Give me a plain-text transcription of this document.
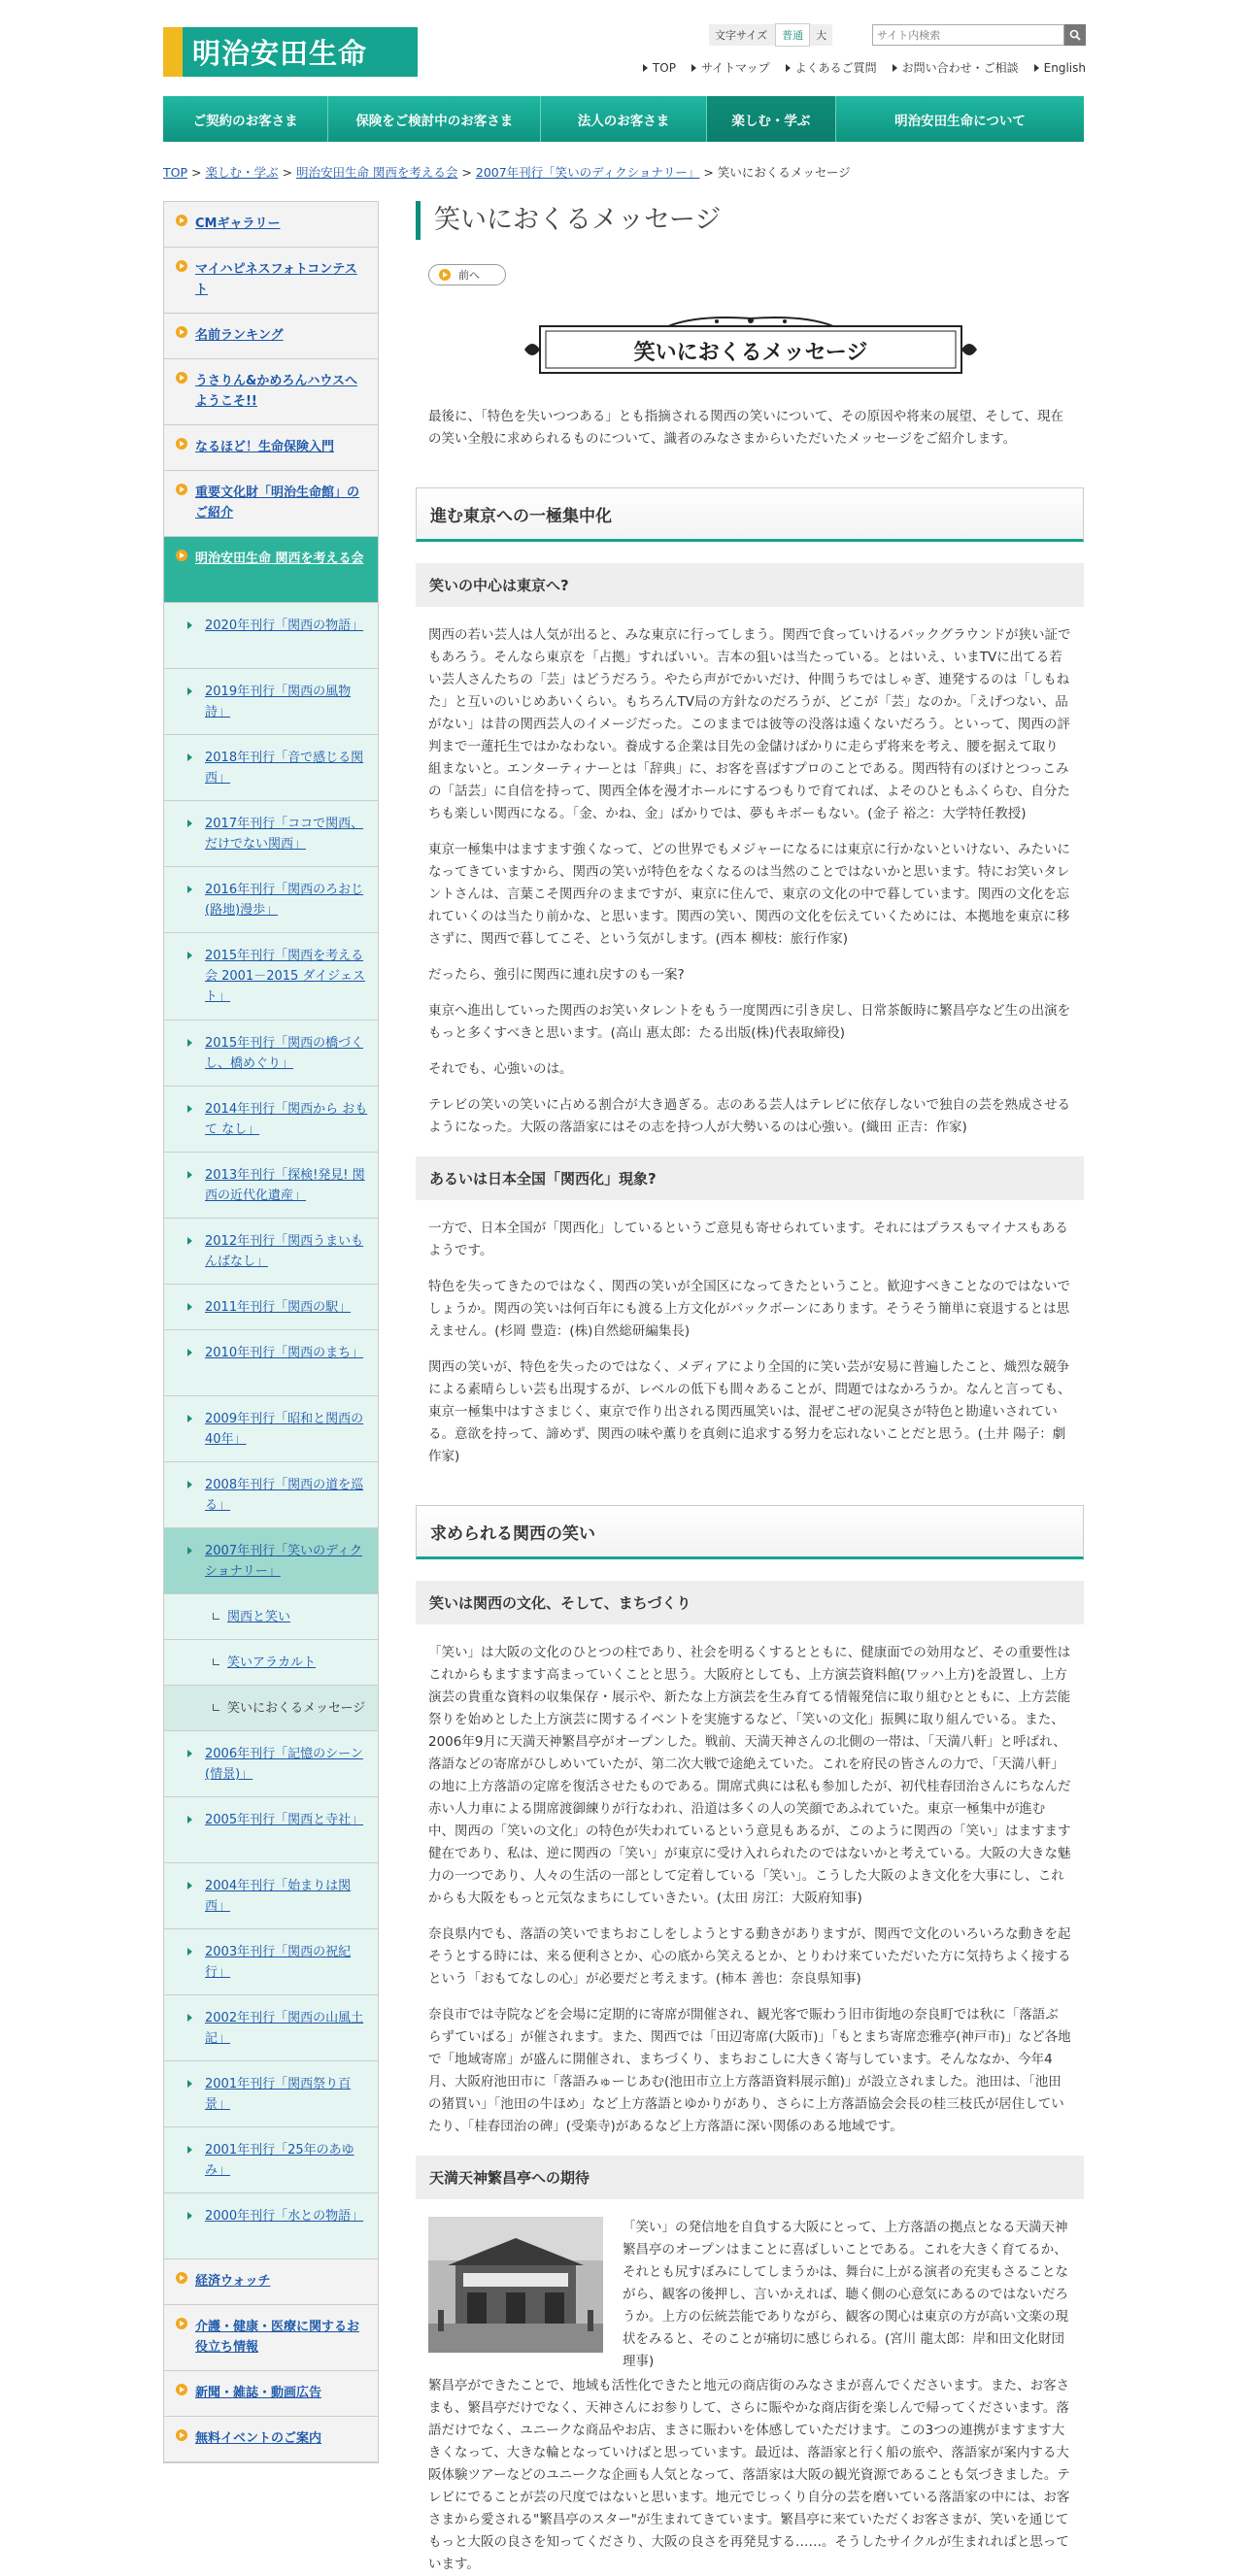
明治安田生命
文字サイズ	普通	大
サイト内検索
TOP サイトマップ よくあるご質問 お問い合わせ・ご相談 English
ご契約のお客さま	保険をご検討中のお客さま	法人のお客さま	楽しむ・学ぶ	明治安田生命について
TOP > 楽しむ・学ぶ > 明治安田生命 関西を考える会 > 2007年刊行「笑いのディクショナリー」 > 笑いにおくるメッセージ
CMギャラリー
マイハピネスフォトコンテスト
名前ランキング
うさりん&かめろんハウスへようこそ!!
なるほど！生命保険入門
重要文化財「明治生命館」のご紹介
明治安田生命 関西を考える会
2020年刊行「関西の物語」
2019年刊行「関西の風物詩」
2018年刊行「音で感じる関西」
2017年刊行「ココで関西、だけでない関西」
2016年刊行「関西のろおじ(路地)漫歩」
2015年刊行「関西を考える会 2001－2015 ダイジェスト」
2015年刊行「関西の橋づくし、橋めぐり」
2014年刊行「関西から おもて なし」
2013年刊行「探検!発見! 関西の近代化遺産」
2012年刊行「関西うまいもんばなし」
2011年刊行「関西の駅」
2010年刊行「関西のまち」
2009年刊行「昭和と関西の40年」
2008年刊行「関西の道を巡る」
2007年刊行「笑いのディクショナリー」
関西と笑い
笑いアラカルト
笑いにおくるメッセージ
2006年刊行「記憶のシーン(情景)」
2005年刊行「関西と寺社」
2004年刊行「始まりは関西」
2003年刊行「関西の祝紀行」
2002年刊行「関西の山風土記」
2001年刊行「関西祭り百景」
2001年刊行「25年のあゆみ」
2000年刊行「水との物語」
経済ウォッチ
介護・健康・医療に関するお役立ち情報
新聞・雑誌・動画広告
無料イベントのご案内
笑いにおくるメッセージ
前へ
笑いにおくるメッセージ
最後に、「特色を失いつつある」とも指摘される関西の笑いについて、その原因や将来の展望、そして、現在の笑い全般に求められるものについて、識者のみなさまからいただいたメッセージをご紹介します。
進む東京への一極集中化
笑いの中心は東京へ?
関西の若い芸人は人気が出ると、みな東京に行ってしまう。関西で食っていけるバックグラウンドが狭い証でもあろう。そんなら東京を「占拠」すればいい。吉本の狙いは当たっている。とはいえ、いまTVに出てる若い芸人さんたちの「芸」はどうだろう。やたら声がでかいだけ、仲間うちではしゃぎ、連発するのは「しもねた」と互いのいじめあいくらい。もちろんTV局の方針なのだろうが、どこが「芸」なのか。「えげつない、品がない」は昔の関西芸人のイメージだった。このままでは彼等の没落は遠くないだろう。といって、関西の評判まで一蓮托生ではかなわない。養成する企業は目先の金儲けばかりに走らず将来を考え、腰を据えて取り組まないと。エンターティナーとは「辞典」に、お客を喜ばすプロのことである。関西特有のぼけとつっこみの「話芸」に自信を持って、関西全体を漫才ホールにするつもりで育てれば、よそのひともふくらむ、自分たちも楽しい関西になる。「金、かね、金」ばかりでは、夢もキボーもない。(金子 裕之：大学特任教授)
東京一極集中はますます強くなって、どの世界でもメジャーになるには東京に行かないといけない、みたいになってきていますから、関西の笑いが特色をなくなるのは当然のことではないかと思います。特にお笑いタレントさんは、言葉こそ関西弁のままですが、東京に住んで、東京の文化の中で暮しています。関西の文化を忘れていくのは当たり前かな、と思います。関西の笑い、関西の文化を伝えていくためには、本拠地を東京に移さずに、関西で暮してこそ、という気がします。(西本 柳枝：旅行作家)
だったら、強引に関西に連れ戻すのも一案?
東京へ進出していった関西のお笑いタレントをもう一度関西に引き戻し、日常茶飯時に繁昌亭など生の出演をもっと多くすべきと思います。(高山 惠太郎：たる出版(株)代表取締役)
それでも、心強いのは。
テレビの笑いの笑いに占める割合が大き過ぎる。志のある芸人はテレビに依存しないで独自の芸を熟成させるようになった。大阪の落語家にはその志を持つ人が大勢いるのは心強い。(織田 正吉：作家)
あるいは日本全国「関西化」現象?
一方で、日本全国が「関西化」しているというご意見も寄せられています。それにはプラスもマイナスもあるようです。
特色を失ってきたのではなく、関西の笑いが全国区になってきたということ。歓迎すべきことなのではないでしょうか。関西の笑いは何百年にも渡る上方文化がバックボーンにあります。そうそう簡単に衰退するとは思えません。(杉岡 豊造：(株)自然総研編集長)
関西の笑いが、特色を失ったのではなく、メディアにより全国的に笑い芸が安易に普遍したこと、熾烈な競争による素晴らしい芸も出現するが、レベルの低下も間々あることが、問題ではなかろうか。なんと言っても、東京一極集中はすさまじく、東京で作り出される関西風笑いは、混ぜこぜの泥臭さが特色と勘違いされている。意欲を持って、諦めず、関西の味や薫りを真剣に追求する努力を忘れないことだと思う。(土井 陽子：劇作家)
求められる関西の笑い
笑いは関西の文化、そして、まちづくり
「笑い」は大阪の文化のひとつの柱であり、社会を明るくするとともに、健康面での効用など、その重要性はこれからもますます高まっていくことと思う。大阪府としても、上方演芸資料館(ワッハ上方)を設置し、上方演芸の貴重な資料の収集保存・展示や、新たな上方演芸を生み育てる情報発信に取り組むとともに、上方芸能祭りを始めとした上方演芸に関するイベントを実施するなど、「笑いの文化」振興に取り組んでいる。また、2006年9月に天満天神繁昌亭がオープンした。戦前、天満天神さんの北側の一帯は、「天満八軒」と呼ばれ、落語などの寄席がひしめいていたが、第二次大戦で途絶えていた。これを府民の皆さんの力で、「天満八軒」の地に上方落語の定席を復活させたものである。開席式典には私も参加したが、初代桂春団治さんにちなんだ赤い人力車による開席渡御練りが行なわれ、沿道は多くの人の笑顔であふれていた。東京一極集中が進む中、関西の「笑いの文化」の特色が失われているという意見もあるが、このように関西の「笑い」はますます健在であり、私は、逆に関西の「笑い」が東京に受け入れられたのではないかと考えている。大阪の大きな魅力の一つであり、人々の生活の一部として定着している「笑い」。こうした大阪のよき文化を大事にし、これからも大阪をもっと元気なまちにしていきたい。(太田 房江：大阪府知事)
奈良県内でも、落語の笑いでまちおこしをしようとする動きがありますが、関西で文化のいろいろな動きを起そうとする時には、来る便利さとか、心の底から笑えるとか、とりわけ来ていただいた方に気持ちよく接するという「おもてなしの心」が必要だと考えます。(柿本 善也：奈良県知事)
奈良市では寺院などを会場に定期的に寄席が開催され、観光客で賑わう旧市街地の奈良町では秋に「落語ぶらずていばる」が催されます。また、関西では「田辺寄席(大阪市)」「もとまち寄席恋雅亭(神戸市)」など各地で「地域寄席」が盛んに開催され、まちづくり、まちおこしに大きく寄与しています。そんななか、今年4月、大阪府池田市に「落語みゅーじあむ(池田市立上方落語資料展示館)」が設立されました。池田は、「池田の猪買い」「池田の牛ほめ」など上方落語とゆかりがあり、さらに上方落語協会会長の桂三枝氏が居住していたり、「桂春団治の碑」(受楽寺)があるなど上方落語に深い関係のある地域です。
天満天神繁昌亭への期待
「笑い」の発信地を自負する大阪にとって、上方落語の拠点となる天満天神繁昌亭のオープンはまことに喜ばしいことである。これを大きく育てるか、それとも尻すぼみにしてしまうかは、舞台に上がる演者の充実もさることながら、観客の後押し、言いかえれば、聴く側の心意気にあるのではないだろうか。上方の伝統芸能でありながら、観客の関心は東京の方が高い文楽の現状をみると、そのことが痛切に感じられる。(宮川 龍太郎：岸和田文化財団理事)
繁昌亭ができたことで、地域も活性化できたと地元の商店街のみなさまが喜んでくださいます。また、お客さまも、繁昌亭だけでなく、天神さんにお参りして、さらに賑やかな商店街を楽しんで帰ってくださいます。落語だけでなく、ユニークな商品やお店、まさに賑わいを体感していただけます。この3つの連携がますます大きくなって、大きな輪となっていけばと思っています。最近は、落語家と行く船の旅や、落語家が案内する大阪体験ツアーなどのユニークな企画も人気となって、落語家は大阪の観光資源であることも気づきました。テレビにでることが芸の尺度ではないと思います。地元でじっくり自分の芸を磨いている落語家の中には、お客さまから愛される"繁昌亭のスター"が生まれてきています。繁昌亭に来ていただくお客さまが、笑いを通じてもっと大阪の良さを知ってくださり、大阪の良さを再発見する……。そうしたサイクルが生まれればと思っています。
